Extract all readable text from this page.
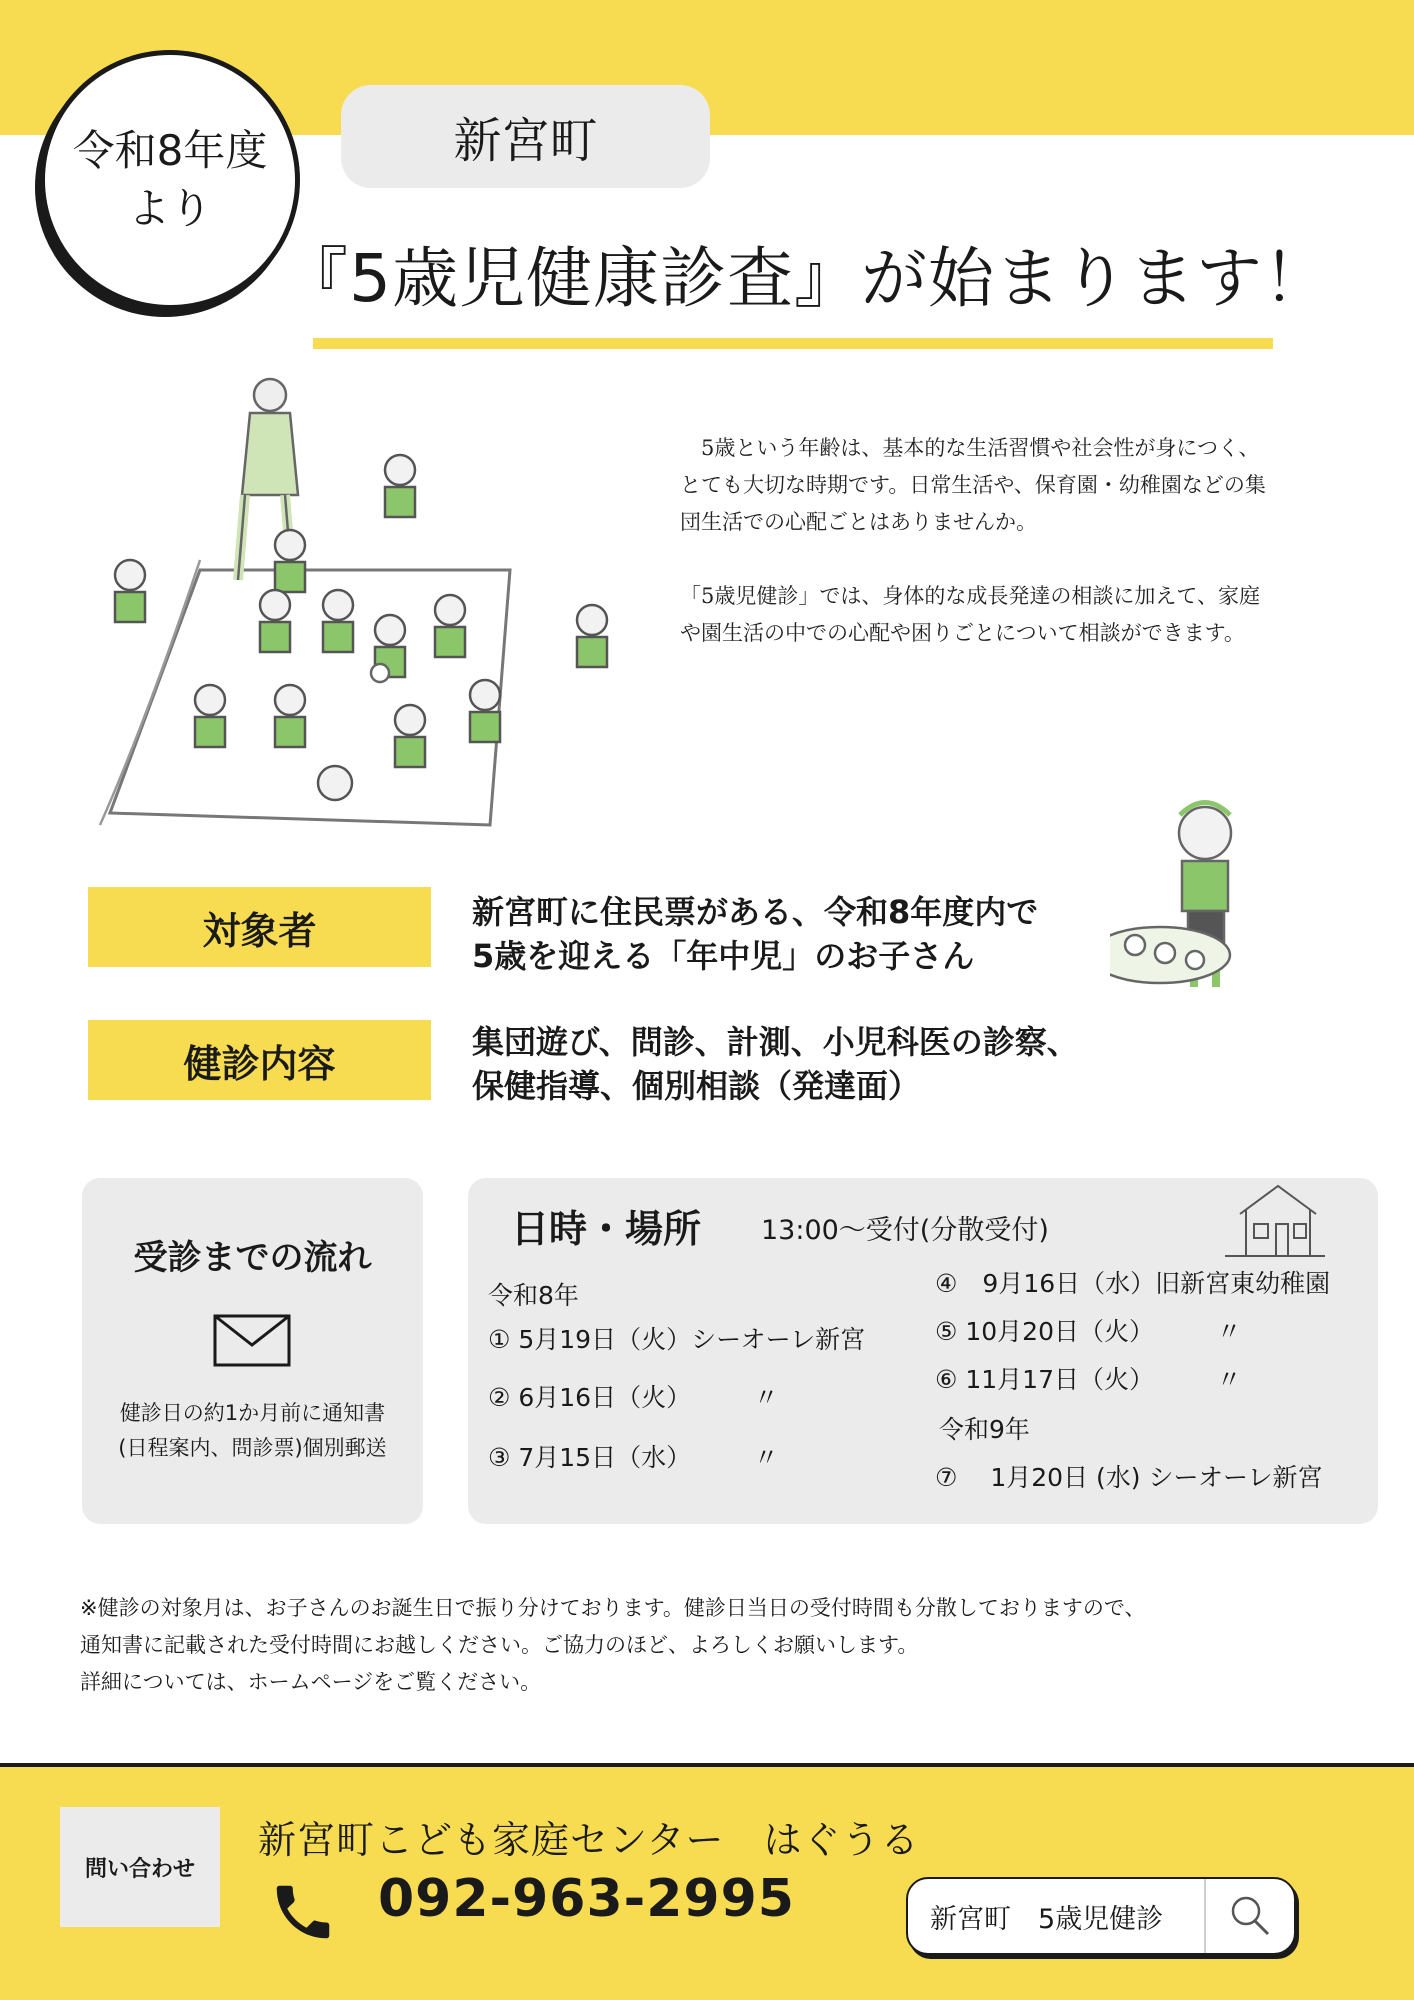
令和8年度
より
新宮町
『5歳児健康診査』が始まります！

　5歳という年齢は、基本的な生活習慣や社会性が身につく、とても大切な時期です。日常生活や、保育園・幼稚園などの集団生活での心配ごとはありませんか。

「5歳児健診」では、身体的な成長発達の相談に加えて、家庭や園生活の中での心配や困りごとについて相談ができます。

対象者	新宮町に住民票がある、令和8年度内で
5歳を迎える「年中児」のお子さん
健診内容	集団遊び、問診、計測、小児科医の診察、
保健指導、個別相談（発達面）
受診までの流れ
健診日の約1か月前に通知書
(日程案内、問診票)個別郵送
日時・場所 13:00〜受付(分散受付)
令和8年
① 5月19日（火）シーオーレ新宮
② 6月16日（火）　　　〃
③ 7月15日（水）　　　〃
④　9月16日（水）旧新宮東幼稚園
⑤ 10月20日（火）　　　〃
⑥ 11月17日（火）　　　〃
令和9年
⑦　 1月20日 (水) シーオーレ新宮
※健診の対象月は、お子さんのお誕生日で振り分けております。健診日当日の受付時間も分散しておりますので、
通知書に記載された受付時間にお越しください。ご協力のほど、よろしくお願いします。
詳細については、ホームページをご覧ください。
問い合わせ
新宮町こども家庭センター　はぐうる
092-963-2995	新宮町　5歳児健診
